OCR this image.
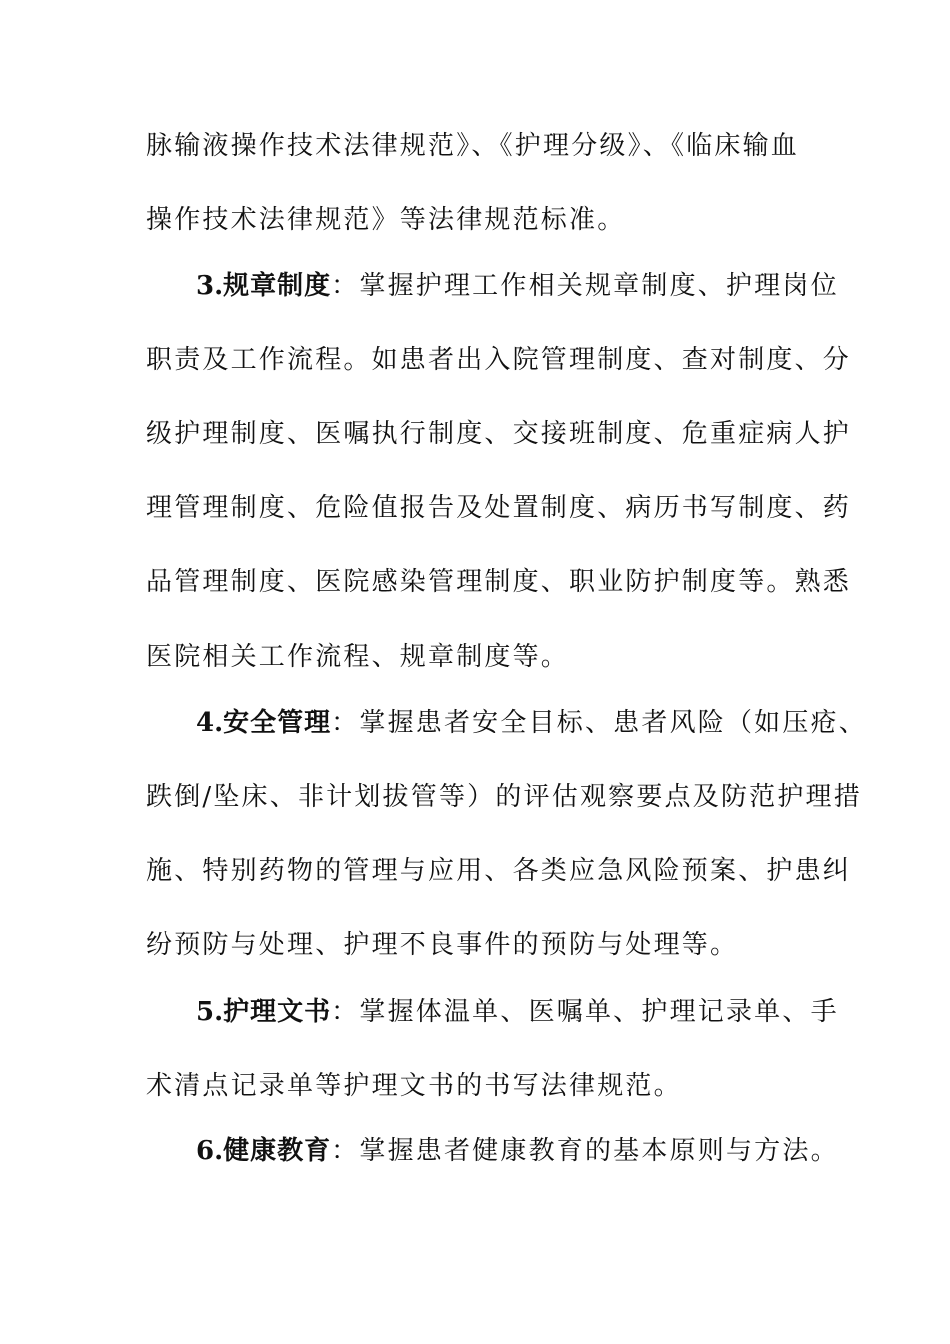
脉输液操作技术法律规范》、《护理分级》、《临床输血
操作技术法律规范》等法律规范标准。
3.规章制度：掌握护理工作相关规章制度、护理岗位
职责及工作流程。如患者出入院管理制度、查对制度、分
级护理制度、医嘱执行制度、交接班制度、危重症病人护
理管理制度、危险值报告及处置制度、病历书写制度、药
品管理制度、医院感染管理制度、职业防护制度等。熟悉
医院相关工作流程、规章制度等。
4.安全管理：掌握患者安全目标、患者风险（如压疮、
跌倒/坠床、非计划拔管等）的评估观察要点及防范护理措
施、特别药物的管理与应用、各类应急风险预案、护患纠
纷预防与处理、护理不良事件的预防与处理等。
5.护理文书：掌握体温单、医嘱单、护理记录单、手
术清点记录单等护理文书的书写法律规范。
6.健康教育：掌握患者健康教育的基本原则与方法。
